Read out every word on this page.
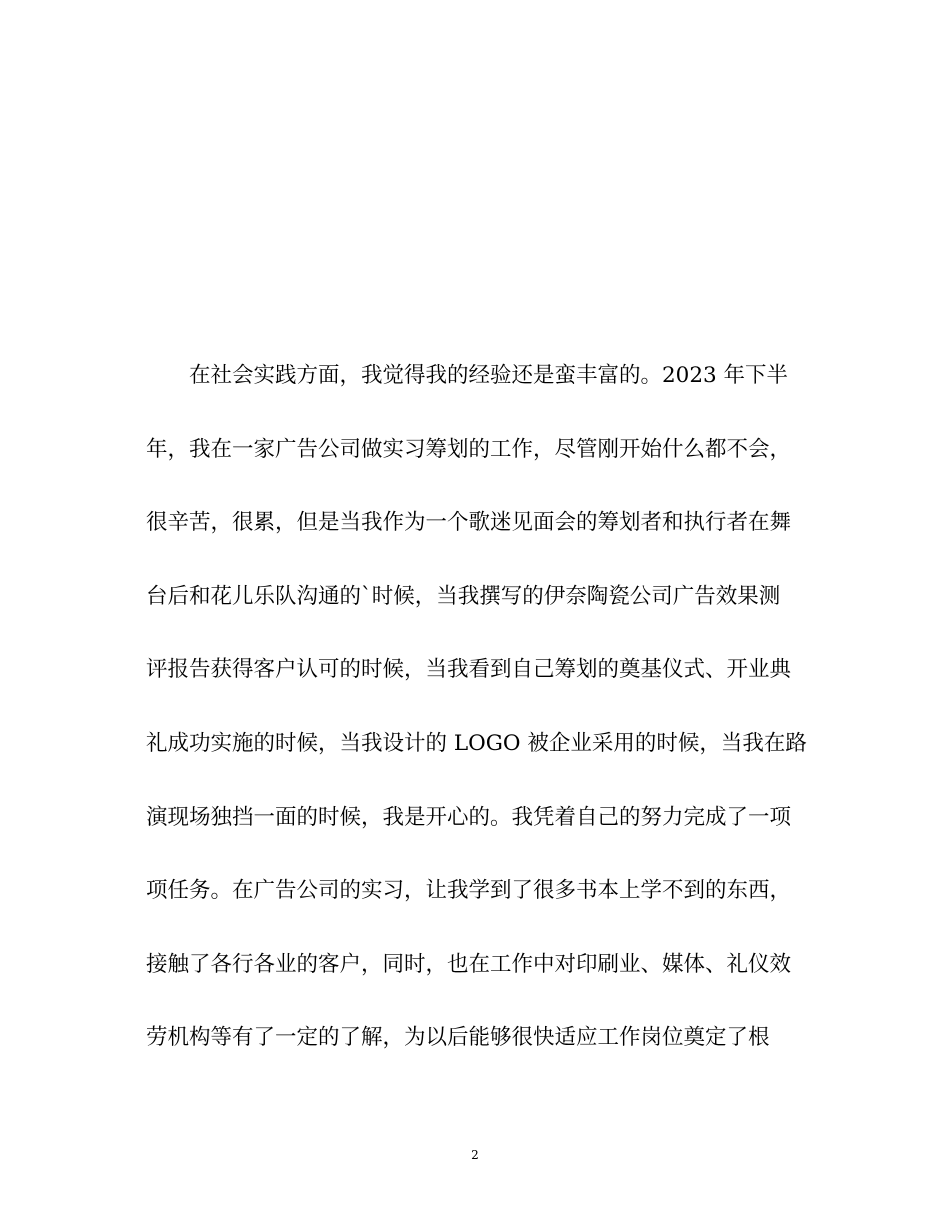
在社会实践方面，我觉得我的经验还是蛮丰富的。2023 年下半
年，我在一家广告公司做实习筹划的工作，尽管刚开始什么都不会，
很辛苦，很累，但是当我作为一个歌迷见面会的筹划者和执行者在舞
台后和花儿乐队沟通的`时候，当我撰写的伊奈陶瓷公司广告效果测
评报告获得客户认可的时候，当我看到自己筹划的奠基仪式、开业典
礼成功实施的时候，当我设计的 LOGO 被企业采用的时候，当我在路
演现场独挡一面的时候，我是开心的。我凭着自己的努力完成了一项
项任务。在广告公司的实习，让我学到了很多书本上学不到的东西，
接触了各行各业的客户，同时，也在工作中对印刷业、媒体、礼仪效
劳机构等有了一定的了解，为以后能够很快适应工作岗位奠定了根
2
